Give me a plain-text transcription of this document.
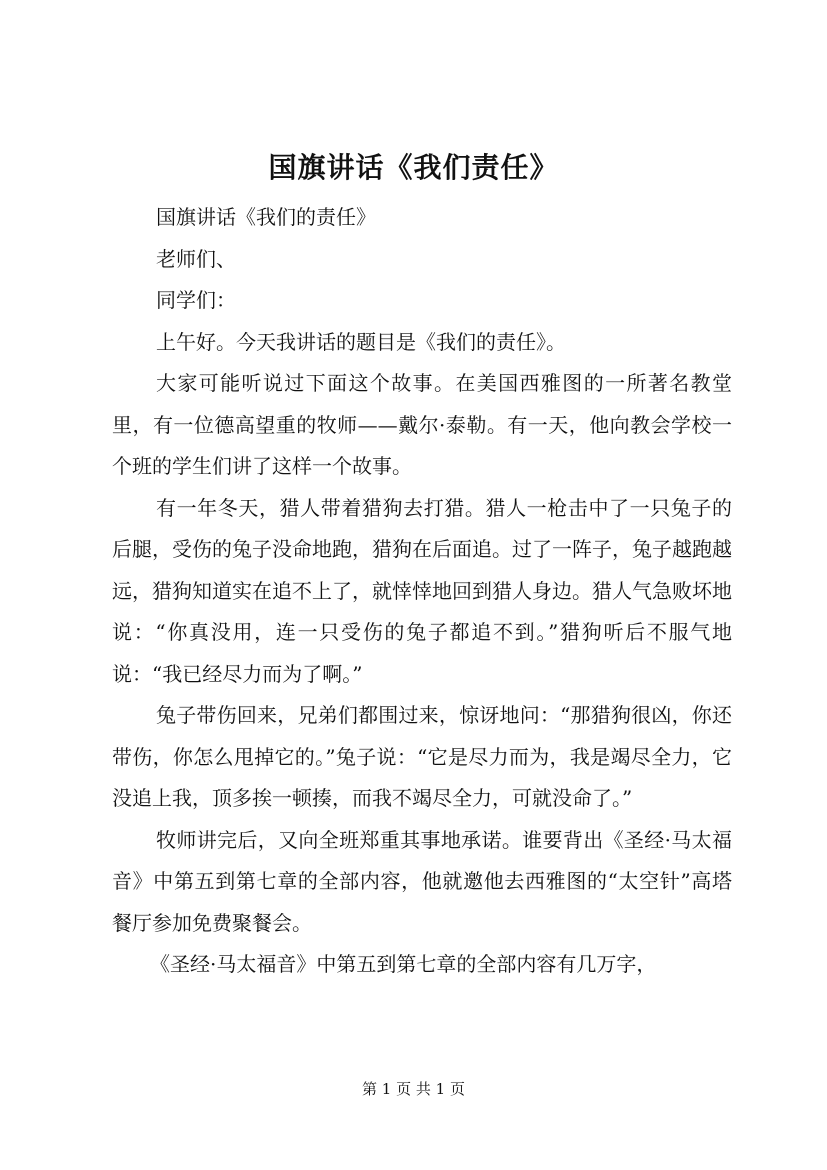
国旗讲话《我们责任》

国旗讲话《我们的责任》

老师们、

同学们：

上午好。今天我讲话的题目是《我们的责任》。

大家可能听说过下面这个故事。在美国西雅图的一所著名教堂里，有一位德高望重的牧师——戴尔·泰勒。有一天，他向教会学校一个班的学生们讲了这样一个故事。

有一年冬天，猎人带着猎狗去打猎。猎人一枪击中了一只兔子的后腿，受伤的兔子没命地跑，猎狗在后面追。过了一阵子，兔子越跑越远，猎狗知道实在追不上了，就悻悻地回到猎人身边。猎人气急败坏地说：“你真没用，连一只受伤的兔子都追不到。”猎狗听后不服气地说：“我已经尽力而为了啊。”

兔子带伤回来，兄弟们都围过来，惊讶地问：“那猎狗很凶，你还带伤，你怎么甩掉它的。”兔子说：“它是尽力而为，我是竭尽全力，它没追上我，顶多挨一顿揍，而我不竭尽全力，可就没命了。”

牧师讲完后，又向全班郑重其事地承诺。谁要背出《圣经·马太福音》中第五到第七章的全部内容，他就邀他去西雅图的“太空针”高塔餐厅参加免费聚餐会。

《圣经·马太福音》中第五到第七章的全部内容有几万字，

第 1 页 共 1 页
